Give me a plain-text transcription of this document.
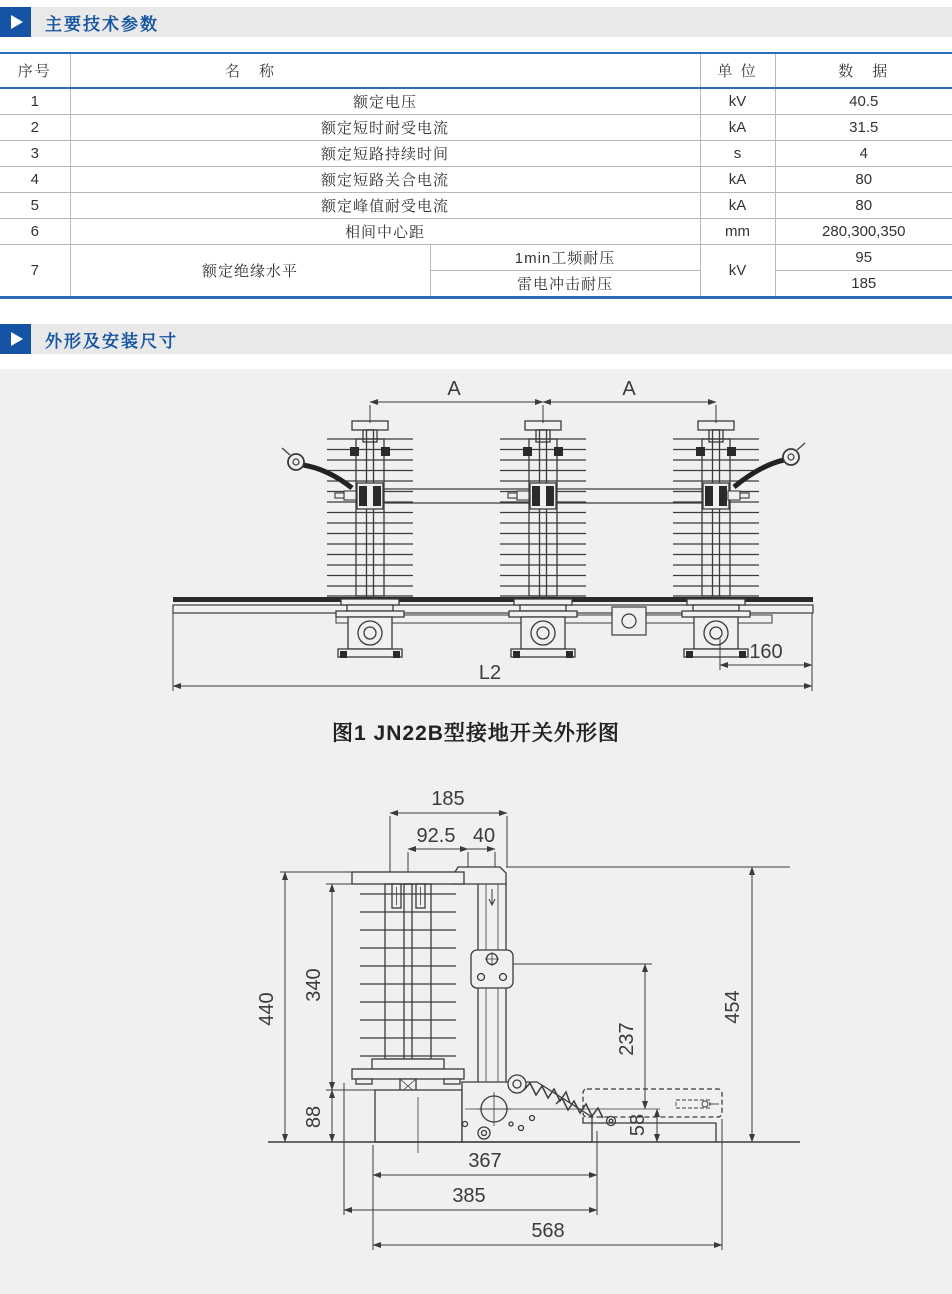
主要技术参数
序号	名　称		单 位	数　据
1	额定电压		kV	40.5
2	额定短时耐受电流		kA	31.5
3	额定短路持续时间		s	4
4	额定短路关合电流		kA	80
5	额定峰值耐受电流		kA	80
6	相间中心距		mm	280,300,350
7	额定绝缘水平	1min工频耐压	kV	95
		雷电冲击耐压		185
外形及安装尺寸
A	A
160
L2
图1 JN22B型接地开关外形图
185
92.5 40
440
340
88
237
454
58
367
385
568
